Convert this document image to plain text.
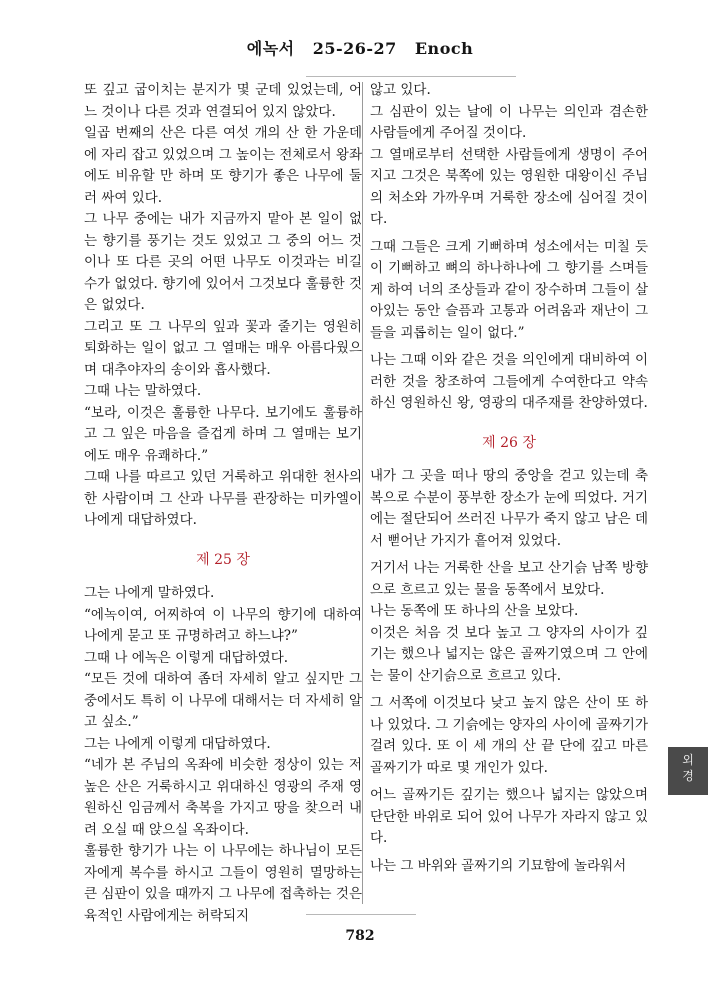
에녹서 25-26-27 Enoch

또 깊고 굽이치는 분지가 몇 군데 있었는데, 어느 것이나 다른 것과 연결되어 있지 않았다.

일곱 번째의 산은 다른 여섯 개의 산 한 가운데에 자리 잡고 있었으며 그 높이는 전체로서 왕좌에도 비유할 만 하며 또 향기가 좋은 나무에 둘러 싸여 있다.

그 나무 중에는 내가 지금까지 맡아 본 일이 없는 향기를 풍기는 것도 있었고 그 중의 어느 것이나 또 다른 곳의 어떤 나무도 이것과는 비길 수가 없었다. 향기에 있어서 그것보다 훌륭한 것은 없었다.

그리고 또 그 나무의 잎과 꽃과 줄기는 영원히 퇴화하는 일이 없고 그 열매는 매우 아름다웠으며 대추야자의 송이와 흡사했다.

그때 나는 말하였다.

“보라, 이것은 훌륭한 나무다. 보기에도 훌륭하고 그 잎은 마음을 즐겁게 하며 그 열매는 보기에도 매우 유쾌하다.”

그때 나를 따르고 있던 거룩하고 위대한 천사의 한 사람이며 그 산과 나무를 관장하는 미카엘이 나에게 대답하였다.

제 25 장

그는 나에게 말하였다.

“에녹이여, 어찌하여 이 나무의 향기에 대하여 나에게 묻고 또 규명하려고 하느냐?”

그때 나 에녹은 이렇게 대답하였다.

“모든 것에 대하여 좀더 자세히 알고 싶지만 그 중에서도 특히 이 나무에 대해서는 더 자세히 알고 싶소.”

그는 나에게 이렇게 대답하였다.

“네가 본 주님의 옥좌에 비슷한 정상이 있는 저 높은 산은 거룩하시고 위대하신 영광의 주재 영원하신 임금께서 축복을 가지고 땅을 찾으러 내려 오실 때 앉으실 옥좌이다.

훌륭한 향기가 나는 이 나무에는 하나님이 모든 자에게 복수를 하시고 그들이 영원히 멸망하는 큰 심판이 있을 때까지 그 나무에 접촉하는 것은 육적인 사람에게는 허락되지

않고 있다.

그 심판이 있는 날에 이 나무는 의인과 겸손한 사람들에게 주어질 것이다.

그 열매로부터 선택한 사람들에게 생명이 주어지고 그것은 북쪽에 있는 영원한 대왕이신 주님의 처소와 가까우며 거룩한 장소에 심어질 것이다.

그때 그들은 크게 기뻐하며 성소에서는 미칠 듯이 기뻐하고 뼈의 하나하나에 그 향기를 스며들게 하여 너의 조상들과 같이 장수하며 그들이 살아있는 동안 슬픔과 고통과 어려움과 재난이 그들을 괴롭히는 일이 없다.”

나는 그때 이와 같은 것을 의인에게 대비하여 이러한 것을 창조하여 그들에게 수여한다고 약속하신 영원하신 왕, 영광의 대주재를 찬양하였다.

제 26 장

내가 그 곳을 떠나 땅의 중앙을 걷고 있는데 축복으로 수분이 풍부한 장소가 눈에 띄었다. 거기에는 절단되어 쓰러진 나무가 죽지 않고 남은 데서 뻗어난 가지가 흩어져 있었다.

거기서 나는 거룩한 산을 보고 산기슭 남쪽 방향으로 흐르고 있는 물을 동쪽에서 보았다.

나는 동쪽에 또 하나의 산을 보았다.

이것은 처음 것 보다 높고 그 양자의 사이가 깊기는 했으나 넓지는 않은 골짜기였으며 그 안에는 물이 산기슭으로 흐르고 있다.

그 서쪽에 이것보다 낮고 높지 않은 산이 또 하나 있었다. 그 기슭에는 양자의 사이에 골짜기가 걸려 있다. 또 이 세 개의 산 끝 단에 깊고 마른 골짜기가 따로 몇 개인가 있다.

어느 골짜기든 깊기는 했으나 넓지는 않았으며 단단한 바위로 되어 있어 나무가 자라지 않고 있다.

나는 그 바위와 골짜기의 기묘함에 놀라워서

외
경
782
